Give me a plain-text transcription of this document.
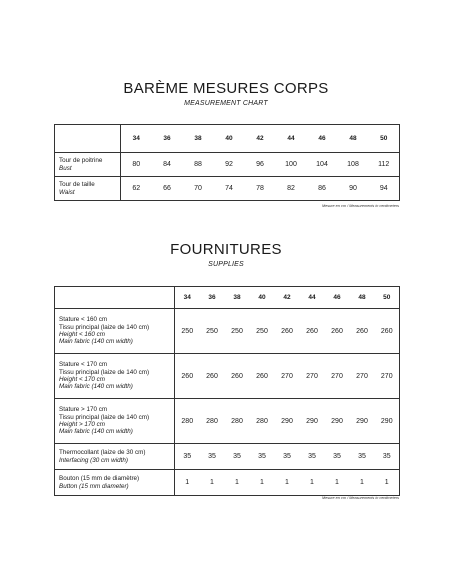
BARÈME MESURES CORPS
MEASUREMENT CHART
	34	36	38	40	42	44	46	48	50

Tour de poitrine
Bust	80	84	88	92	96	100	104	108	112

Tour de taille
Waist	62	66	70	74	78	82	86	90	94
Mesure en cm / Measurements in centimeters
FOURNITURES
SUPPLIES
	34	36	38	40	42	44	46	48	50

Stature < 160 cm
Tissu principal (laize de 140 cm)
Height < 160 cm
Main fabric (140 cm width)	250	250	250	250	260	260	260	260	260

Stature < 170 cm
Tissu principal (laize de 140 cm)
Height < 170 cm
Main fabric (140 cm width)	260	260	260	260	270	270	270	270	270

Stature > 170 cm
Tissu principal (laize de 140 cm)
Height > 170 cm
Main fabric (140 cm width)	280	280	280	280	290	290	290	290	290

Thermocollant (laize de 30 cm)
Interfacing (30 cm width)	35	35	35	35	35	35	35	35	35

Bouton (15 mm de diamètre)
Button (15 mm diameter)	1	1	1	1	1	1	1	1	1
Mesure en cm / Measurements in centimeters
